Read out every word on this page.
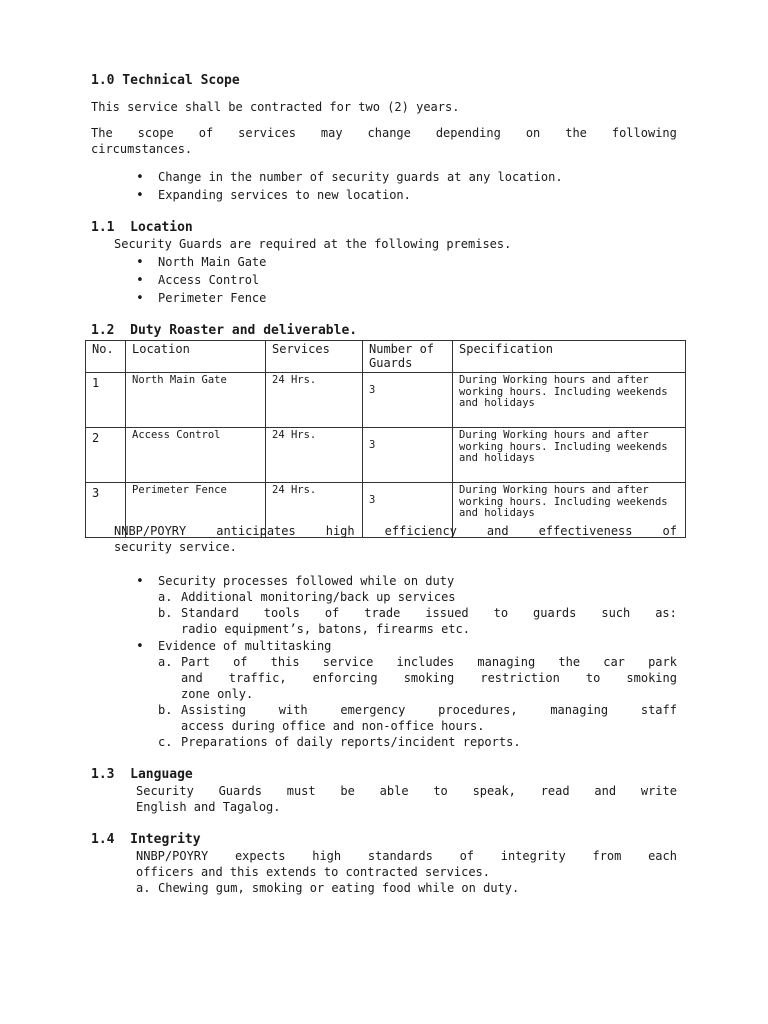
1.0 Technical Scope
This service shall be contracted for two (2) years.
The scope of services may change depending on the following
circumstances.
• Change in the number of security guards at any location.
• Expanding services to new location.
1.1 Location
Security Guards are required at the following premises.
• North Main Gate
• Access Control
• Perimeter Fence
1.2 Duty Roaster and deliverable.
No.	Location	Services	Number of Guards	Specification
1	North Main Gate	24 Hrs.	3	During Working hours and after working hours. Including weekends and holidays
2	Access Control	24 Hrs.	3	During Working hours and after working hours. Including weekends and holidays
3	Perimeter Fence	24 Hrs.	3	During Working hours and after working hours. Including weekends and holidays
NNBP/POYRY	anticipates	high	efficiency	and	effectiveness	of
security service.
• Security processes followed while on duty
a. Additional monitoring/back up services
b. Standard tools of trade issued to guards such as:
radio equipment’s, batons, firearms etc.
• Evidence of multitasking
a. Part of this service includes managing the car park
and traffic, enforcing smoking restriction to smoking
zone only.
b. Assisting	with	emergency	procedures,	managing	staff
access during office and non-office hours.
c. Preparations of daily reports/incident reports.
1.3 Language
Security Guards must be able to speak, read and write
English and Tagalog.
1.4 Integrity
NNBP/POYRY expects high standards of integrity from each
officers and this extends to contracted services.
a. Chewing gum, smoking or eating food while on duty.
